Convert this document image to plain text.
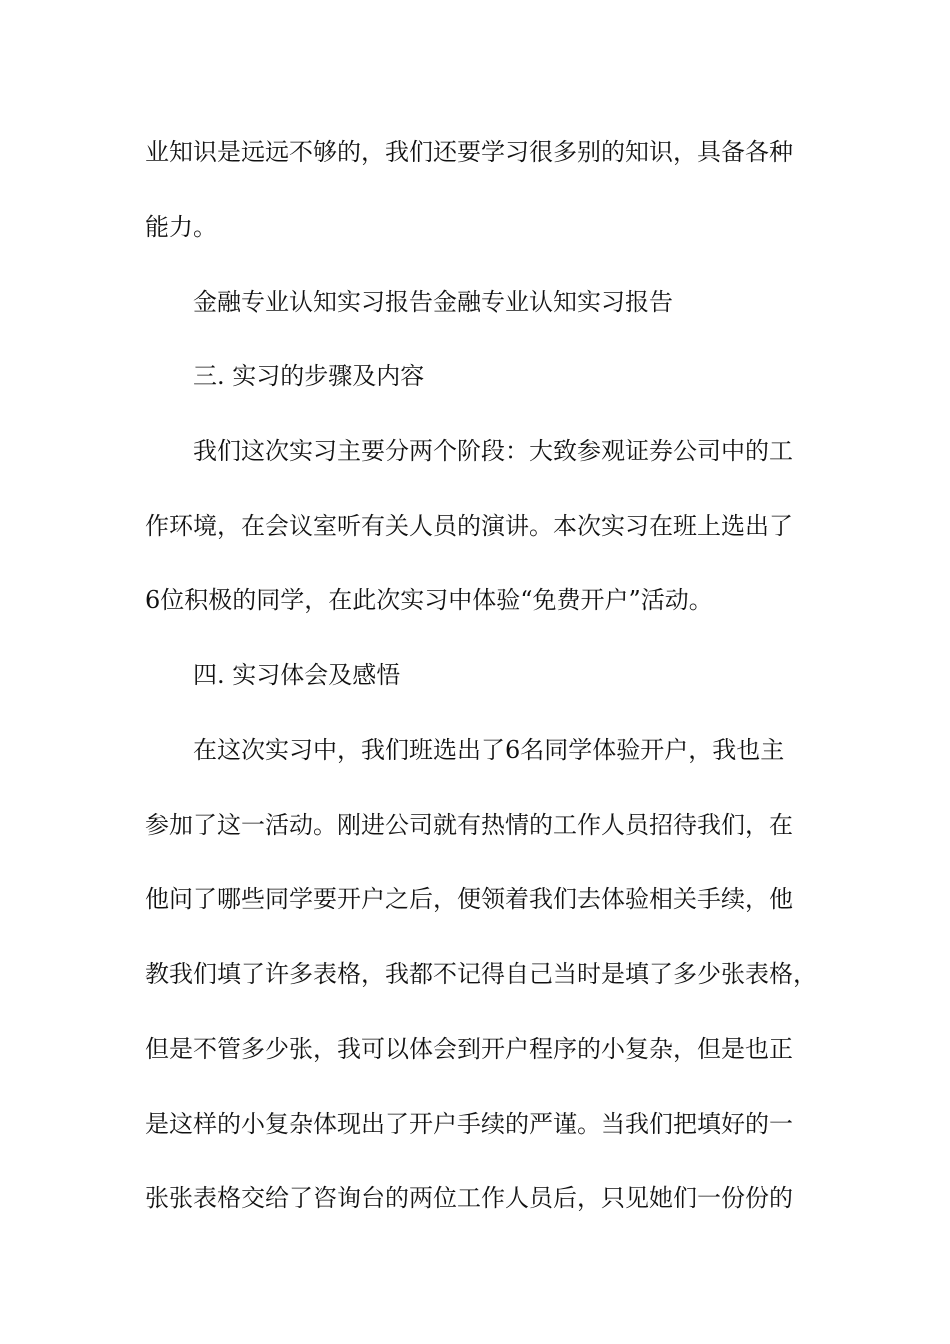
业知识是远远不够的，我们还要学习很多别的知识，具备各种

能力。

金融专业认知实习报告金融专业认知实习报告

三. 实习的步骤及内容

我们这次实习主要分两个阶段：大致参观证券公司中的工

作环境，在会议室听有关人员的演讲。本次实习在班上选出了

6位积极的同学，在此次实习中体验“免费开户”活动。

四. 实习体会及感悟

在这次实习中，我们班选出了6名同学体验开户，我也主

参加了这一活动。刚进公司就有热情的工作人员招待我们，在

他问了哪些同学要开户之后，便领着我们去体验相关手续，他

教我们填了许多表格，我都不记得自己当时是填了多少张表格，

但是不管多少张，我可以体会到开户程序的小复杂，但是也正

是这样的小复杂体现出了开户手续的严谨。当我们把填好的一

张张表格交给了咨询台的两位工作人员后，只见她们一份份的
